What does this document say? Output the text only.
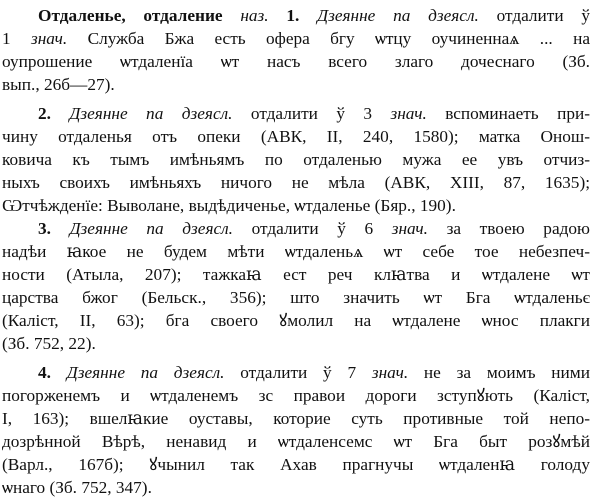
Отдаленье, отдаление наз. 1. Дзеянне па дзеясл. отдалити ў
1 знач. Служба Бжа есть офера бгу ѡтцу оучиненнаѧ ... на
оупрошение ѡтдаленїа ѡт насъ всего злаго дочеснаго (Зб.
вып., 26б—27).
2. Дзеянне па дзеясл. отдалити ў 3 знач. вспоминаеть при-
чину отдаленья отъ опеки (АВК, II, 240, 1580); матка Онош-
ковича къ тымъ имѣньямъ по отдаленью мужа ее увъ отчиз-
ныхъ своихъ имѣньяхъ ничого не мѣла (АВК, XIII, 87, 1635);
Ѡтчѣжденїе: Выволане, выдѣдиченье, ѡтдаленье (Бяр., 190).
3. Дзеянне па дзеясл. отдалити ў 6 знач. за твоею радою
надѣи ꙗкое не будем мѣти ѡтдаленьѧ ѡт себе тое небезпеч-
ности (Атыла, 207); тажкаꙗ ест реч клꙗтва и ѡтдалене ѡт
царства бжог (Бельск., 356); што значить ѡт Бга ѡтдаленьє
(Калiст, II, 63); бга своего ꙋмолил на ѡтдалене ѡнос плакги
(Зб. 752, 22).
4. Дзеянне па дзеясл. отдалити ў 7 знач. не за моимъ ними
погорженемъ и ѡтдаленемъ зс правои дороги зступꙋють (Калiст,
I, 163); вшелꙗкие оуставы, которие суть противные той непо-
дозрѣнной Вѣрѣ, ненавид и ѡтдаленсемс ѡт Бга быт розꙋмѣй
(Варл., 167б); ꙋчынил так Ахав прагнучы ѡтдаленꙗ голоду
ѡнаго (Зб. 752, 347).
